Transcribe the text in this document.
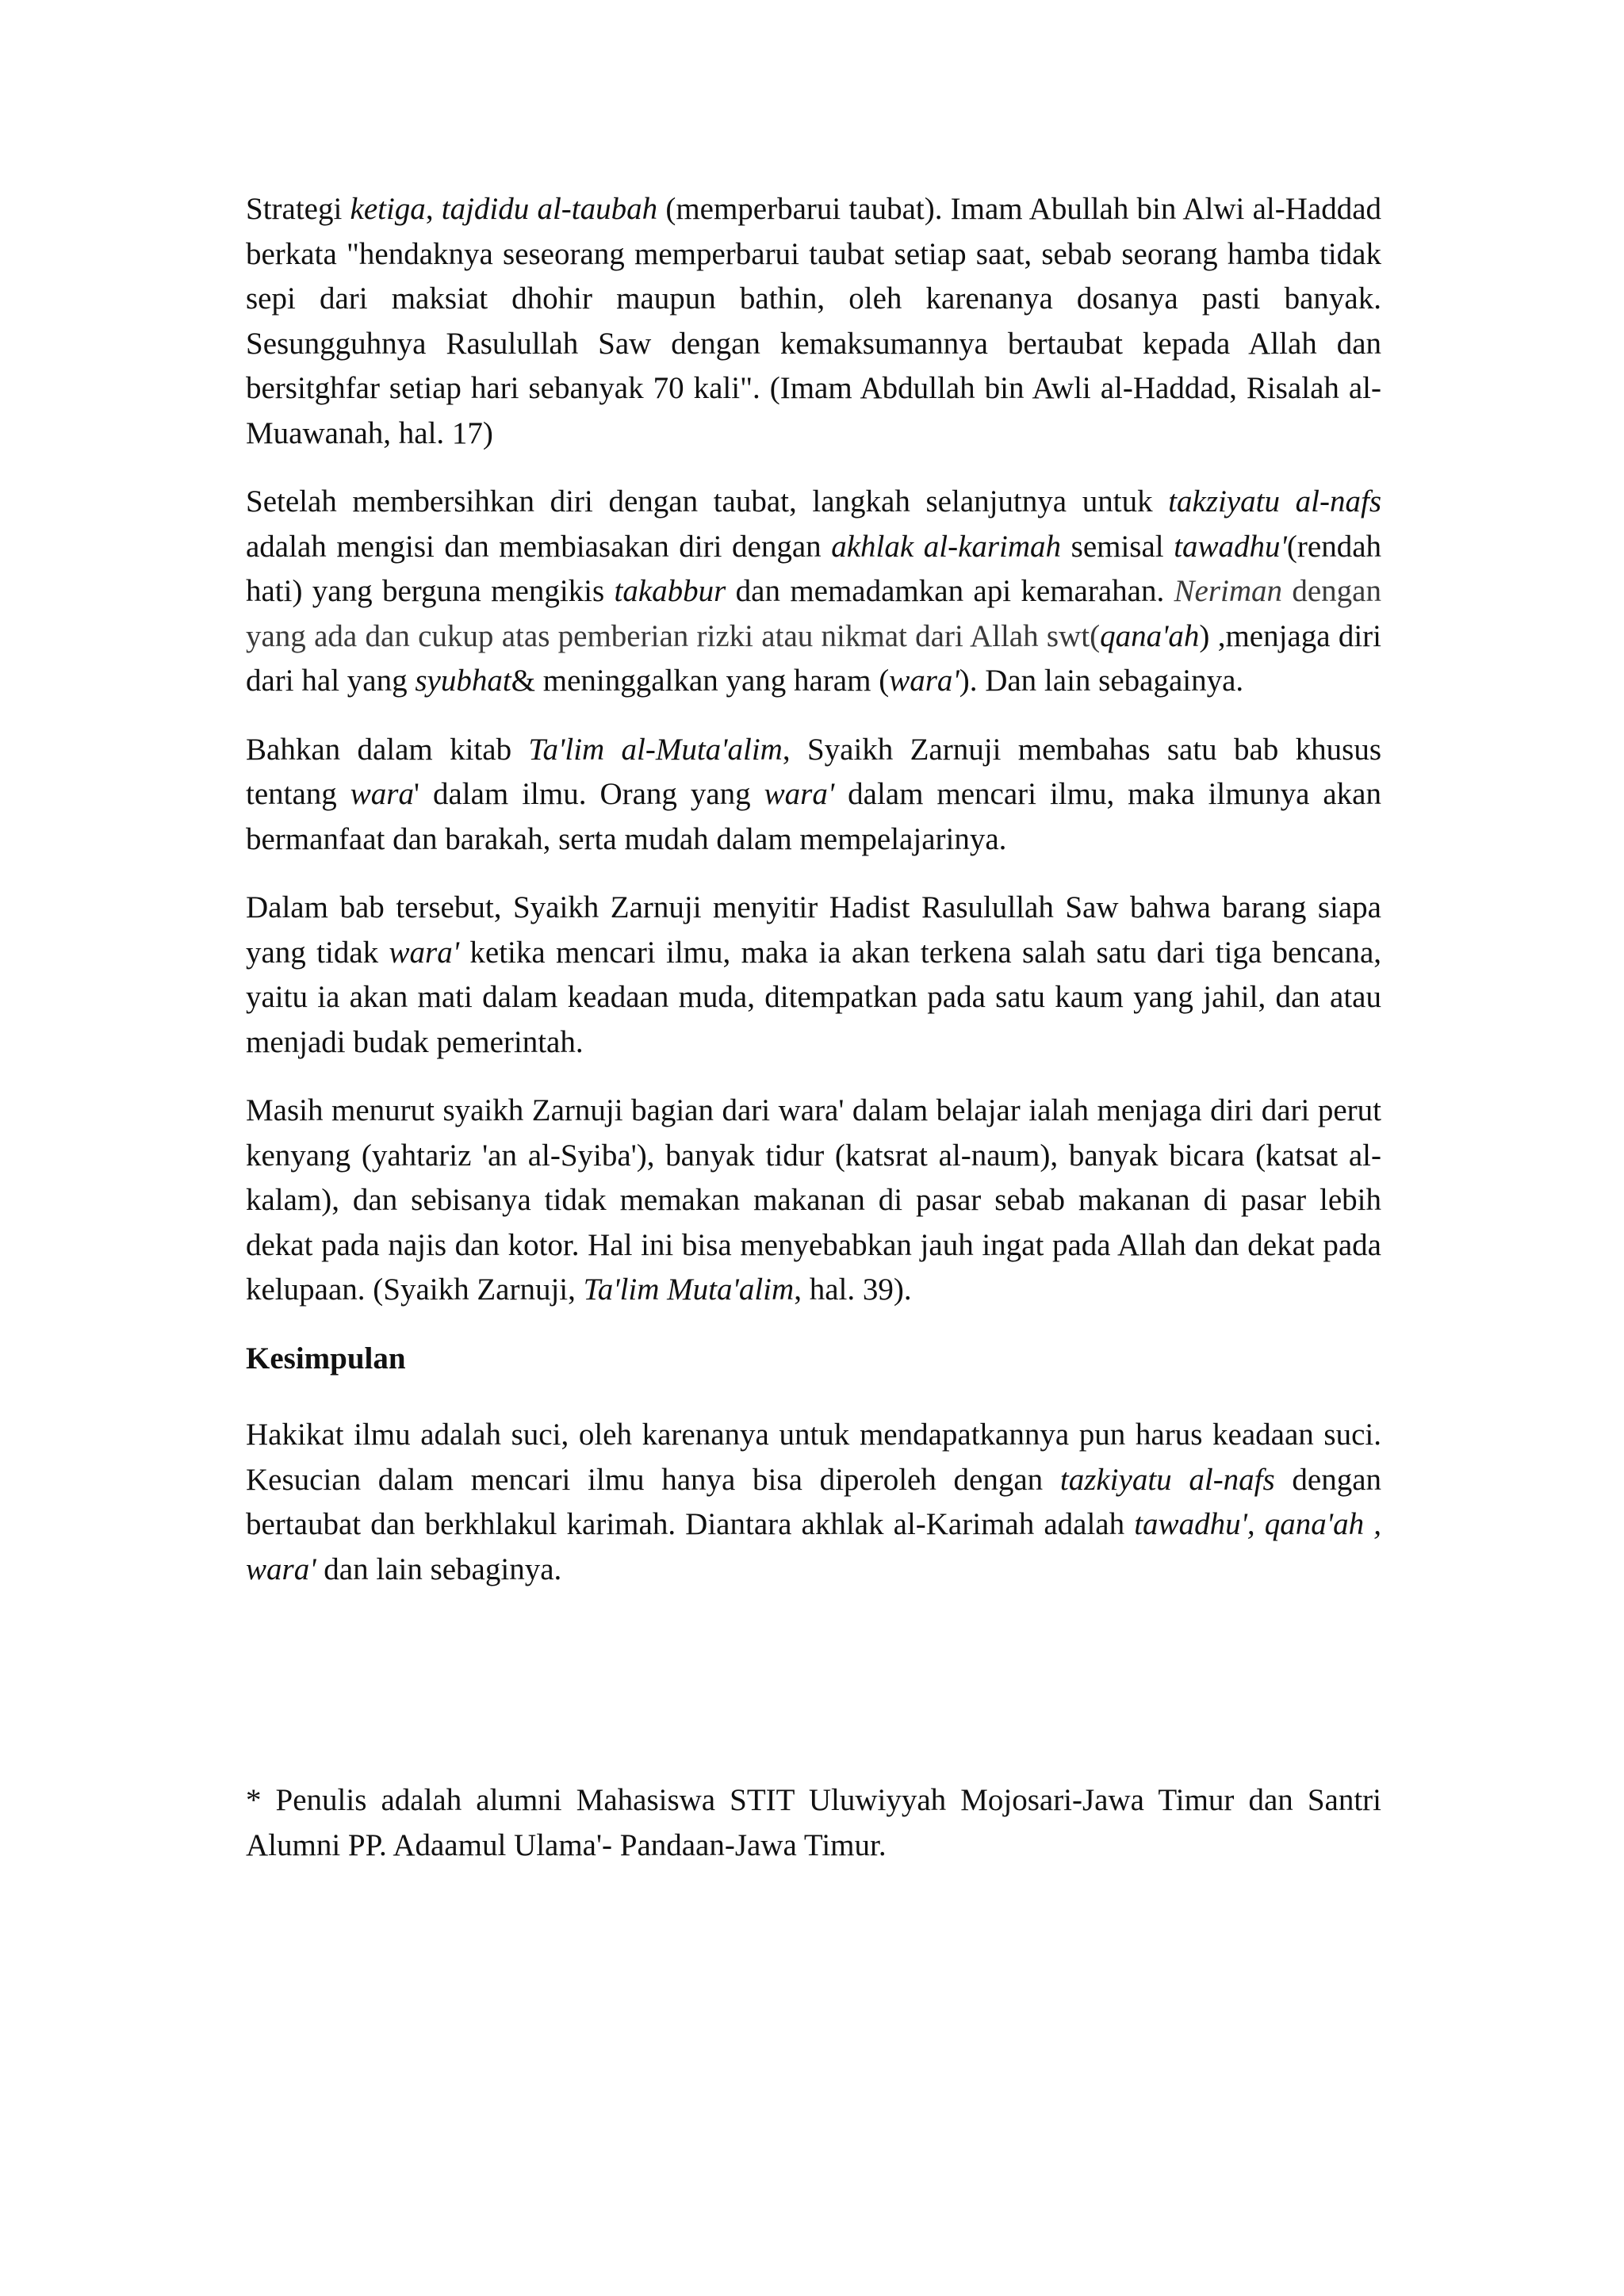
Strategi ketiga, tajdidu al-taubah (memperbarui taubat). Imam Abullah bin Alwi al-Haddad berkata "hendaknya seseorang memperbarui taubat setiap saat, sebab seorang hamba tidak sepi dari maksiat dhohir maupun bathin, oleh karenanya dosanya pasti banyak. Sesungguhnya Rasulullah Saw dengan kemaksumannya bertaubat kepada Allah dan bersitghfar setiap hari sebanyak 70 kali". (Imam Abdullah bin Awli al-Haddad, Risalah al-Muawanah, hal. 17)

Setelah membersihkan diri dengan taubat, langkah selanjutnya untuk takziyatu al-nafs adalah mengisi dan membiasakan diri dengan akhlak al-karimah semisal tawadhu'(rendah hati) yang berguna mengikis takabbur dan memadamkan api kemarahan. Neriman dengan yang ada dan cukup atas pemberian rizki atau nikmat dari Allah swt(qana'ah) ,menjaga diri dari hal yang syubhat& meninggalkan yang haram (wara'). Dan lain sebagainya.

Bahkan dalam kitab Ta'lim al-Muta'alim, Syaikh Zarnuji membahas satu bab khusus tentang wara' dalam ilmu. Orang yang wara' dalam mencari ilmu, maka ilmunya akan bermanfaat dan barakah, serta mudah dalam mempelajarinya.

Dalam bab tersebut, Syaikh Zarnuji menyitir Hadist Rasulullah Saw bahwa barang siapa yang tidak wara' ketika mencari ilmu, maka ia akan terkena salah satu dari tiga bencana, yaitu ia akan mati dalam keadaan muda, ditempatkan pada satu kaum yang jahil, dan atau menjadi budak pemerintah.

Masih menurut syaikh Zarnuji bagian dari wara' dalam belajar ialah menjaga diri dari perut kenyang (yahtariz 'an al-Syiba'), banyak tidur (katsrat al-naum), banyak bicara (katsat al-kalam), dan sebisanya tidak memakan makanan di pasar sebab makanan di pasar lebih dekat pada najis dan kotor. Hal ini bisa menyebabkan jauh ingat pada Allah dan dekat pada kelupaan. (Syaikh Zarnuji, Ta'lim Muta'alim, hal. 39).

Kesimpulan
Hakikat ilmu adalah suci, oleh karenanya untuk mendapatkannya pun harus keadaan suci. Kesucian dalam mencari ilmu hanya bisa diperoleh dengan tazkiyatu al-nafs dengan bertaubat dan berkhlakul karimah. Diantara akhlak al-Karimah adalah tawadhu', qana'ah , wara' dan lain sebaginya.

* Penulis adalah alumni Mahasiswa STIT Uluwiyyah Mojosari-Jawa Timur dan Santri Alumni PP. Adaamul Ulama'- Pandaan-Jawa Timur.
